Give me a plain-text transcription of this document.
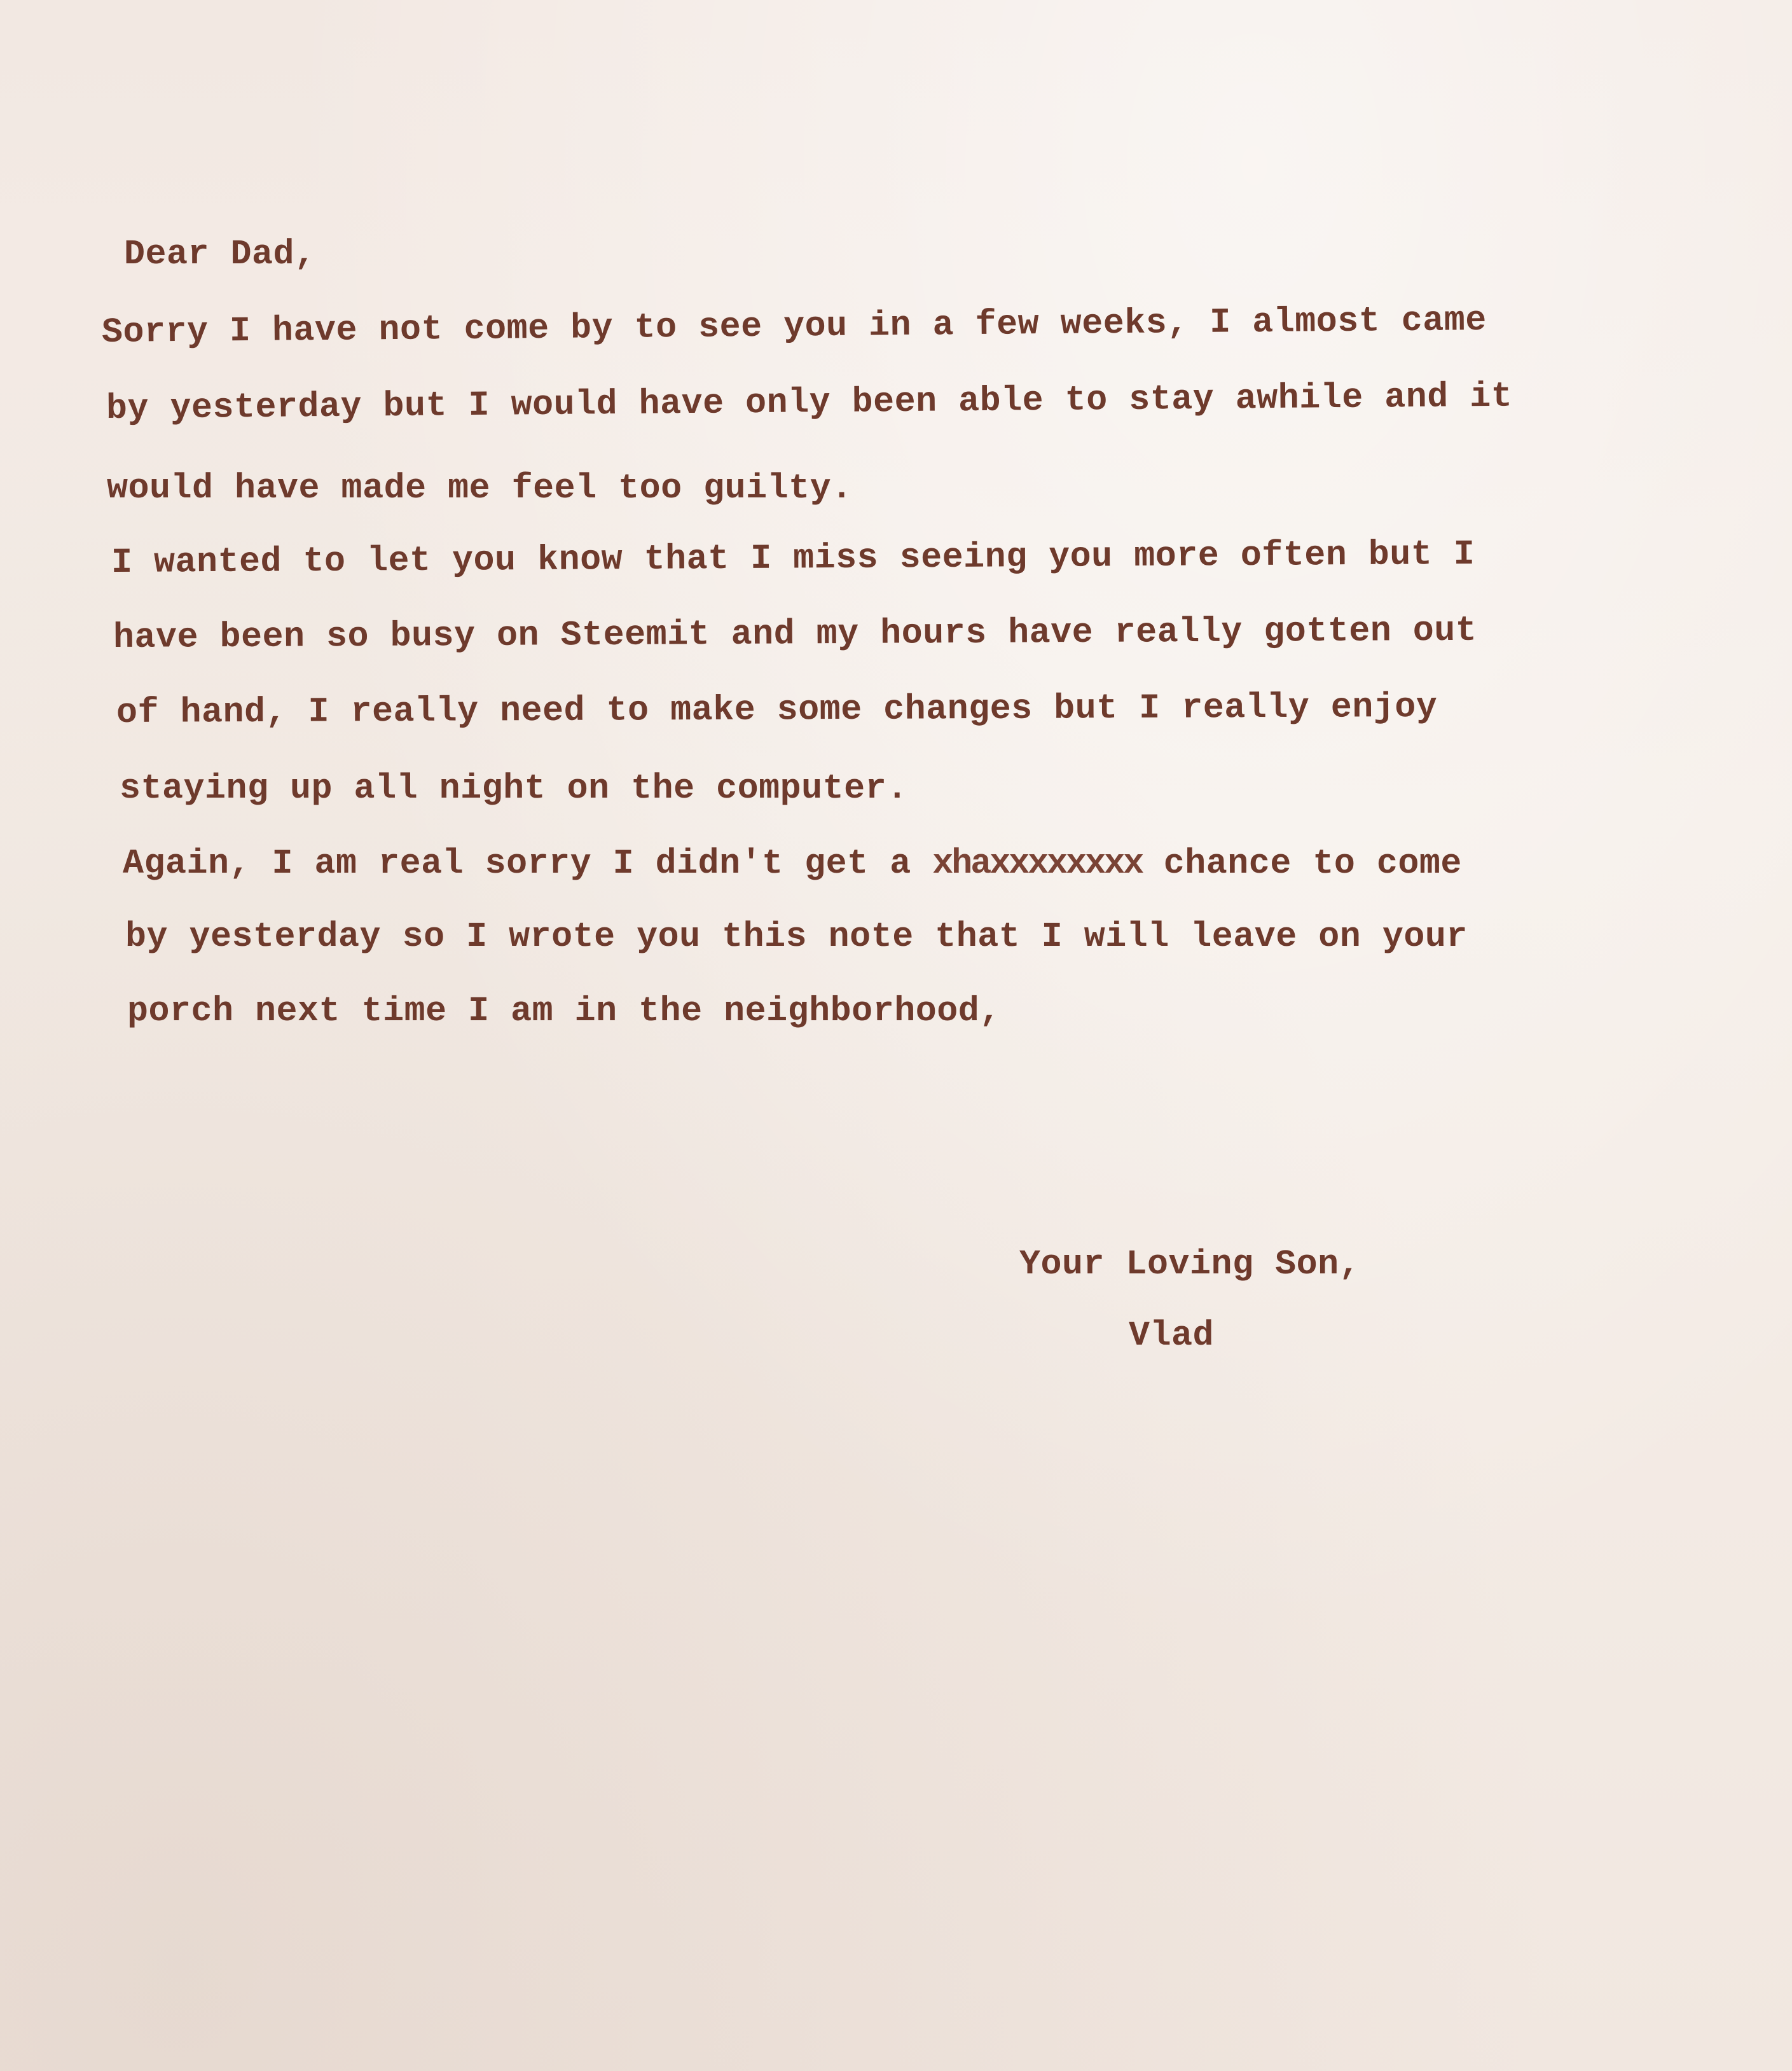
Dear Dad,

Sorry I have not come by to see you in a few weeks, I almost came

by yesterday but I would have only been able to stay awhile and it

would have made me feel too guilty.

I wanted to let you know that I miss seeing you more often but I

have been so busy on Steemit and my hours have really gotten out

of hand, I really need to make some changes but I really enjoy

staying up all night on the computer.

Again, I am real sorry I didn't get a xhaxxxxxxxx chance to come

by yesterday so I wrote you this note that I will leave on your

porch next time I am in the neighborhood,

Your Loving Son,

Vlad
